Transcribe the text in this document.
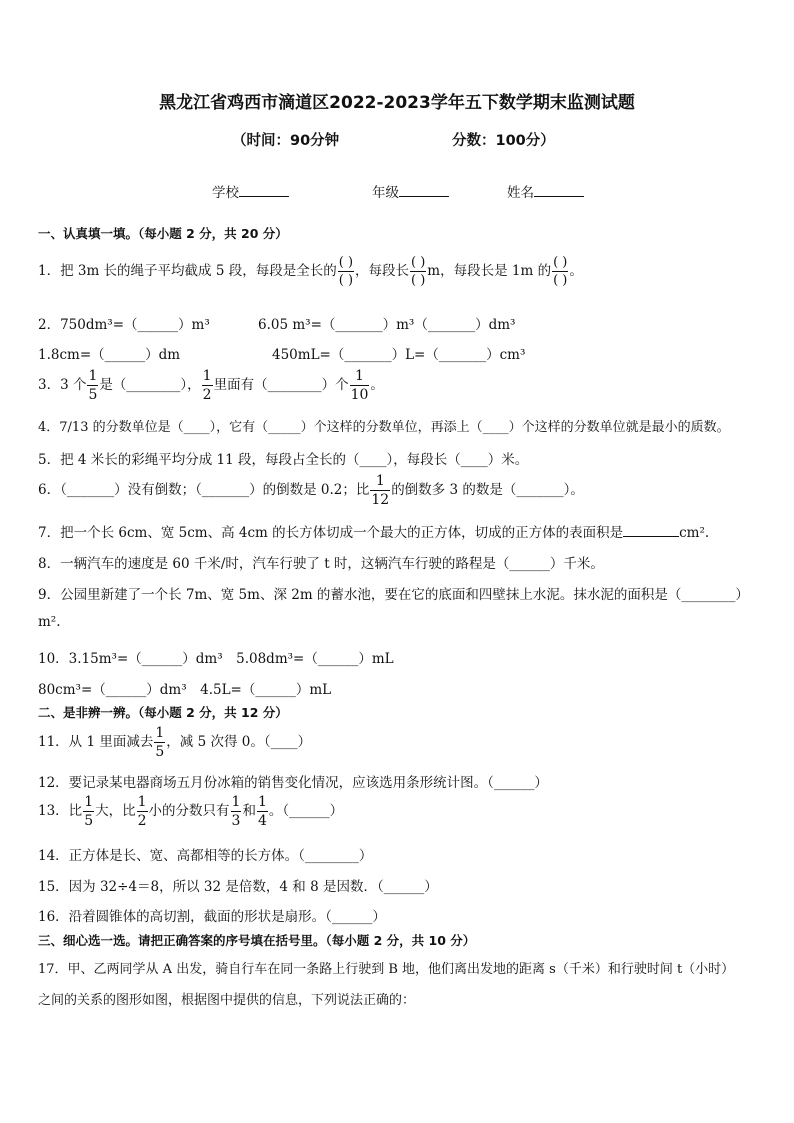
黑龙江省鸡西市滴道区2022-2023学年五下数学期末监测试题
（时间：90分钟	分数：100分）
学校	年级	姓名
一、认真填一填。（每小题 2 分，共 20 分）
1．把 3m 长的绳子平均截成 5 段，每段是全长的 $\frac{( )}{( )}$ ，每段长 $\frac{( )}{( )}$ m，每段长是 1m 的 $\frac{( )}{( )}$ 。
2．750dm³=（______）m³	6.05 m³=（_______）m³（_______）dm³
1.8cm=（______）dm	450mL=（_______）L=（_______）cm³
3．3 个 $\frac{1}{5}$ 是（________）， $\frac{1}{2}$ 里面有（________）个 $\frac{1}{10}$ 。
4．7/13 的分数单位是（____），它有（_____）个这样的分数单位，再添上（____）个这样的分数单位就是最小的质数。
5．把 4 米长的彩绳平均分成 11 段，每段占全长的（____），每段长（____）米。
6．（_______）没有倒数；（_______）的倒数是 0.2；比 $\frac{1}{12}$ 的倒数多 3 的数是（_______）。
7．把一个长 6cm、宽 5cm、高 4cm 的长方体切成一个最大的正方体，切成的正方体的表面积是	cm².
8．一辆汽车的速度是 60 千米/时，汽车行驶了 t 时，这辆汽车行驶的路程是（______）千米。
9．公园里新建了一个长 7m、宽 5m、深 2m 的蓄水池，要在它的底面和四壁抹上水泥。抹水泥的面积是（________）
m².
10．3.15m³=（______）dm³　5.08dm³=（______）mL
80cm³=（______）dm³　4.5L=（______）mL
二、是非辨一辨。（每小题 2 分，共 12 分）
11．从 1 里面减去 $\frac{1}{5}$ ，减 5 次得 0。（____）
12．要记录某电器商场五月份冰箱的销售变化情况，应该选用条形统计图。（______）
13．比 $\frac{1}{5}$ 大，比 $\frac{1}{2}$ 小的分数只有 $\frac{1}{3}$ 和 $\frac{1}{4}$ 。（______）
14．正方体是长、宽、高都相等的长方体。（________）
15．因为 32÷4＝8，所以 32 是倍数，4 和 8 是因数．（______）
16．沿着圆锥体的高切割，截面的形状是扇形。（______）
三、细心选一选。请把正确答案的序号填在括号里。（每小题 2 分，共 10 分）
17．甲、乙两同学从 A 出发，骑自行车在同一条路上行驶到 B 地，他们离出发地的距离 s（千米）和行驶时间 t（小时）
之间的关系的图形如图，根据图中提供的信息，下列说法正确的：
